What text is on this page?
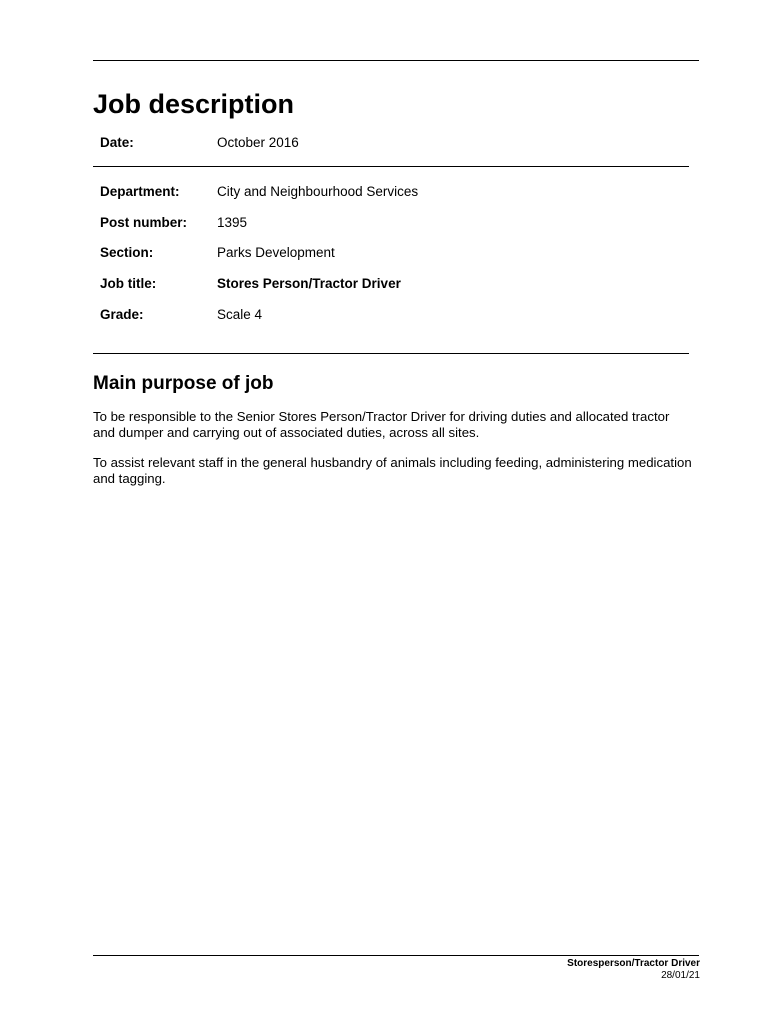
Job description
Date:	October 2016
Department:	City and Neighbourhood Services
Post number: 1395
Section:	Parks Development
Job title:	Stores Person/Tractor Driver
Grade:	Scale 4
Main purpose of job

To be responsible to the Senior Stores Person/Tractor Driver for driving duties and allocated tractor and dumper and carrying out of associated duties, across all sites.

To assist relevant staff in the general husbandry of animals including feeding, administering medication and tagging.

Storesperson/Tractor Driver
28/01/21
